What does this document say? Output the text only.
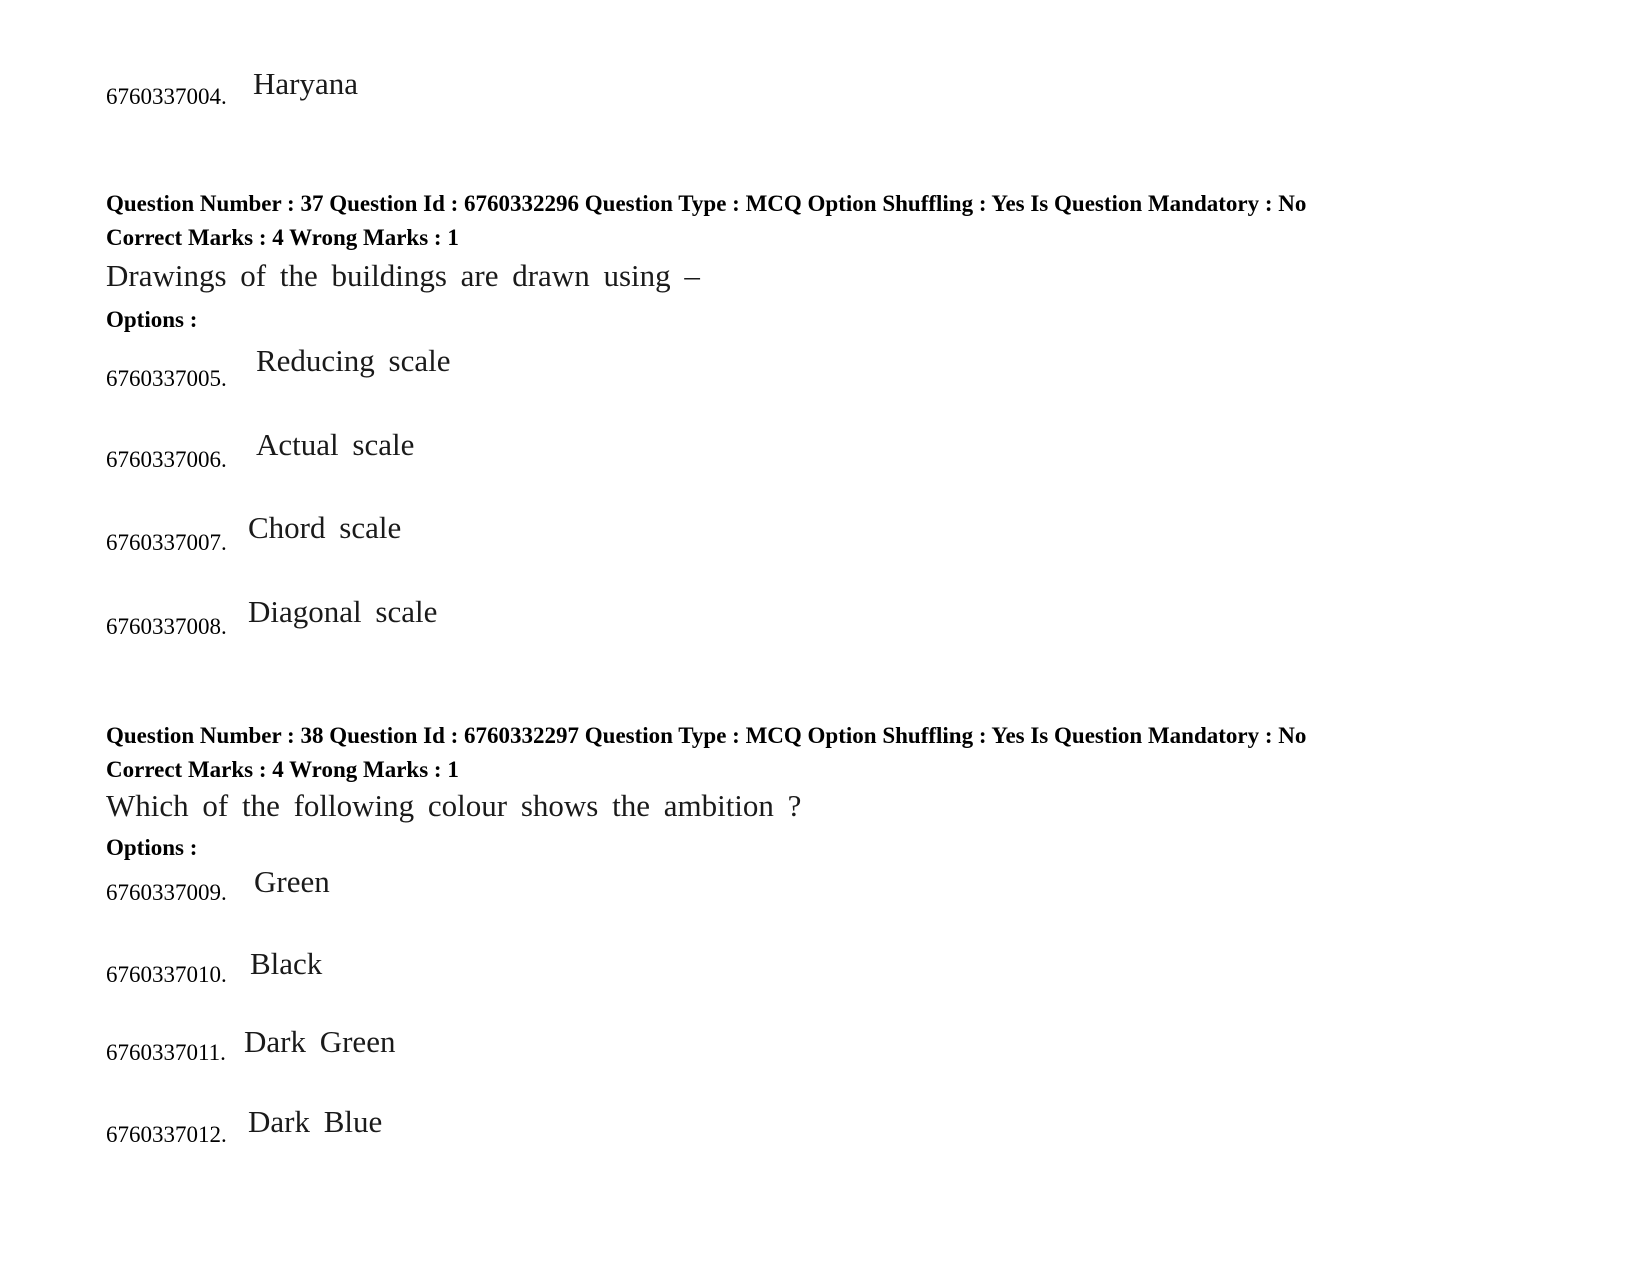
6760337004. Haryana
Question Number : 37 Question Id : 6760332296 Question Type : MCQ Option Shuffling : Yes Is Question Mandatory : No
Correct Marks : 4 Wrong Marks : 1
Drawings of the buildings are drawn using –
Options :
6760337005.
Reducing scale
6760337006. Actual scale
6760337007. Chord scale
6760337008. Diagonal scale
Question Number : 38 Question Id : 6760332297 Question Type : MCQ Option Shuffling : Yes Is Question Mandatory : No
Correct Marks : 4 Wrong Marks : 1
Which of the following colour shows the ambition ?
Options :
6760337009. Green
6760337010. Black
6760337011. Dark Green
6760337012. Dark Blue
